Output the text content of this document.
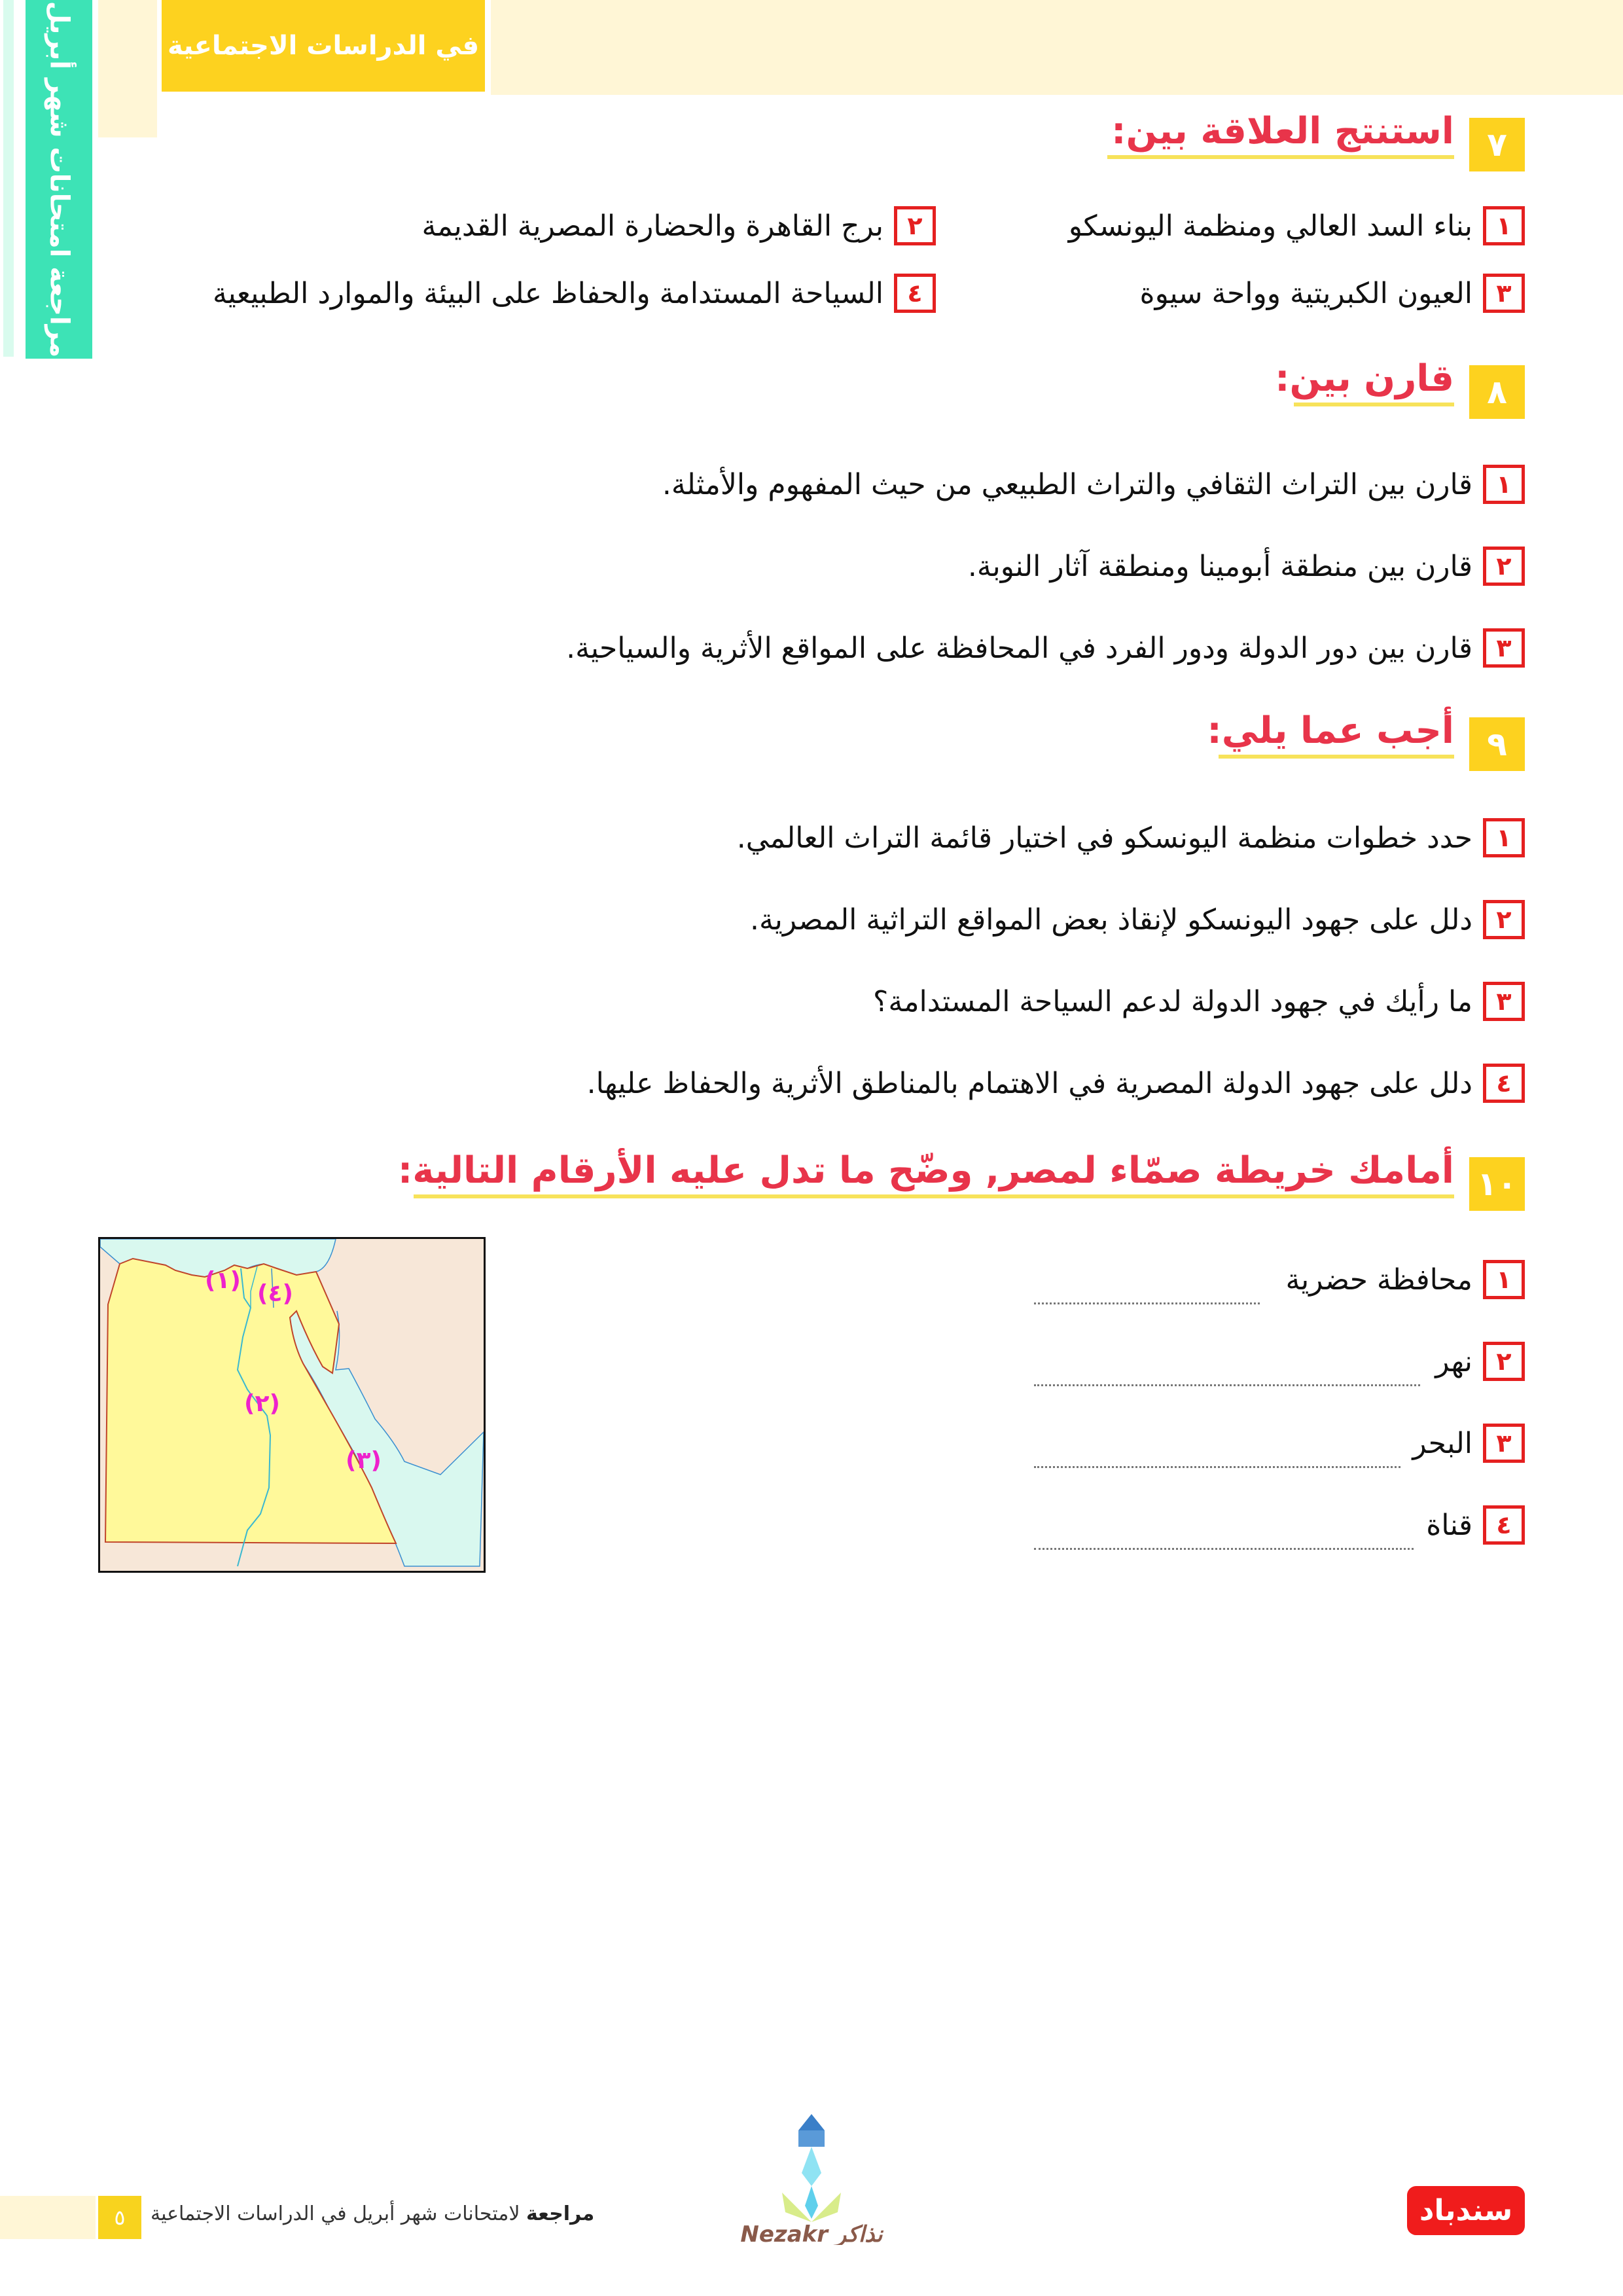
مراجعة امتحانات شهر أبريل	في الدراسات الاجتماعية
٧
استنتج العلاقة بين:
١
بناء السد العالي ومنظمة اليونسكو
٢
برج القاهرة والحضارة المصرية القديمة
٣
العيون الكبريتية وواحة سيوة
٤
السياحة المستدامة والحفاظ على البيئة والموارد الطبيعية
٨
قارن بين:
١
قارن بين التراث الثقافي والتراث الطبيعي من حيث المفهوم والأمثلة.
٢
قارن بين منطقة أبومينا ومنطقة آثار النوبة.
٣
قارن بين دور الدولة ودور الفرد في المحافظة على المواقع الأثرية والسياحية.
٩
أجب عما يلي:
١
حدد خطوات منظمة اليونسكو في اختيار قائمة التراث العالمي.
٢
دلل على جهود اليونسكو لإنقاذ بعض المواقع التراثية المصرية.
٣
ما رأيك في جهود الدولة لدعم السياحة المستدامة؟
٤
دلل على جهود الدولة المصرية في الاهتمام بالمناطق الأثرية والحفاظ عليها.
١٠
أمامك خريطة صمّاء لمصر, وضّح ما تدل عليه الأرقام التالية:
١
محافظة حضرية
٢
نهر
٣
البحر
٤
قناة
(١)
(٢)
(٣)
(٤)
٥	مراجعة لامتحانات شهر أبريل في الدراسات الاجتماعية
Nezakr نذاكر
سندباد
